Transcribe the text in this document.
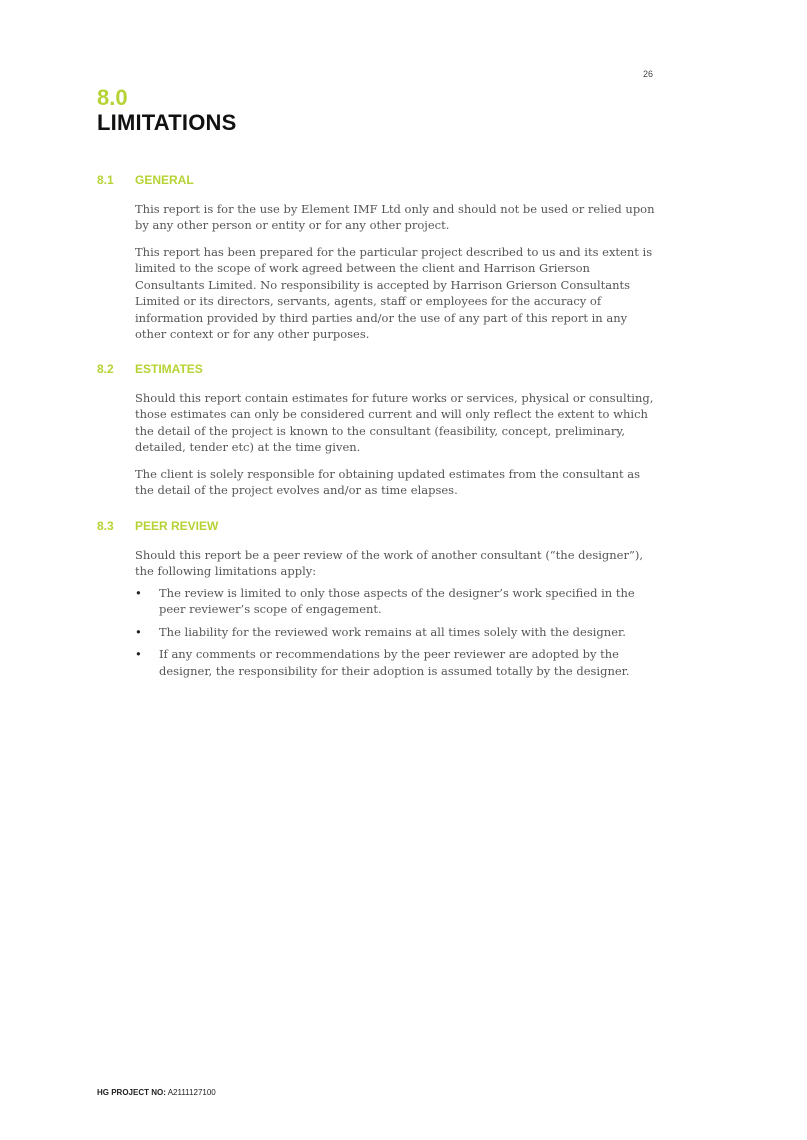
26
8.0
LIMITATIONS
8.1	GENERAL

This report is for the use by Element IMF Ltd only and should not be used or relied upon by any other person or entity or for any other project.

This report has been prepared for the particular project described to us and its extent is limited to the scope of work agreed between the client and Harrison Grierson Consultants Limited. No responsibility is accepted by Harrison Grierson Consultants Limited or its directors, servants, agents, staff or employees for the accuracy of information provided by third parties and/or the use of any part of this report in any other context or for any other purposes.

8.2	ESTIMATES

Should this report contain estimates for future works or services, physical or consulting, those estimates can only be considered current and will only reflect the extent to which the detail of the project is known to the consultant (feasibility, concept, preliminary, detailed, tender etc) at the time given.

The client is solely responsible for obtaining updated estimates from the consultant as the detail of the project evolves and/or as time elapses.

8.3	PEER REVIEW

Should this report be a peer review of the work of another consultant (“the designer”), the following limitations apply:

• The review is limited to only those aspects of the designer’s work specified in the peer reviewer’s scope of engagement.
• The liability for the reviewed work remains at all times solely with the designer.
• If any comments or recommendations by the peer reviewer are adopted by the designer, the responsibility for their adoption is assumed totally by the designer.
HG PROJECT NO: A2111127100
